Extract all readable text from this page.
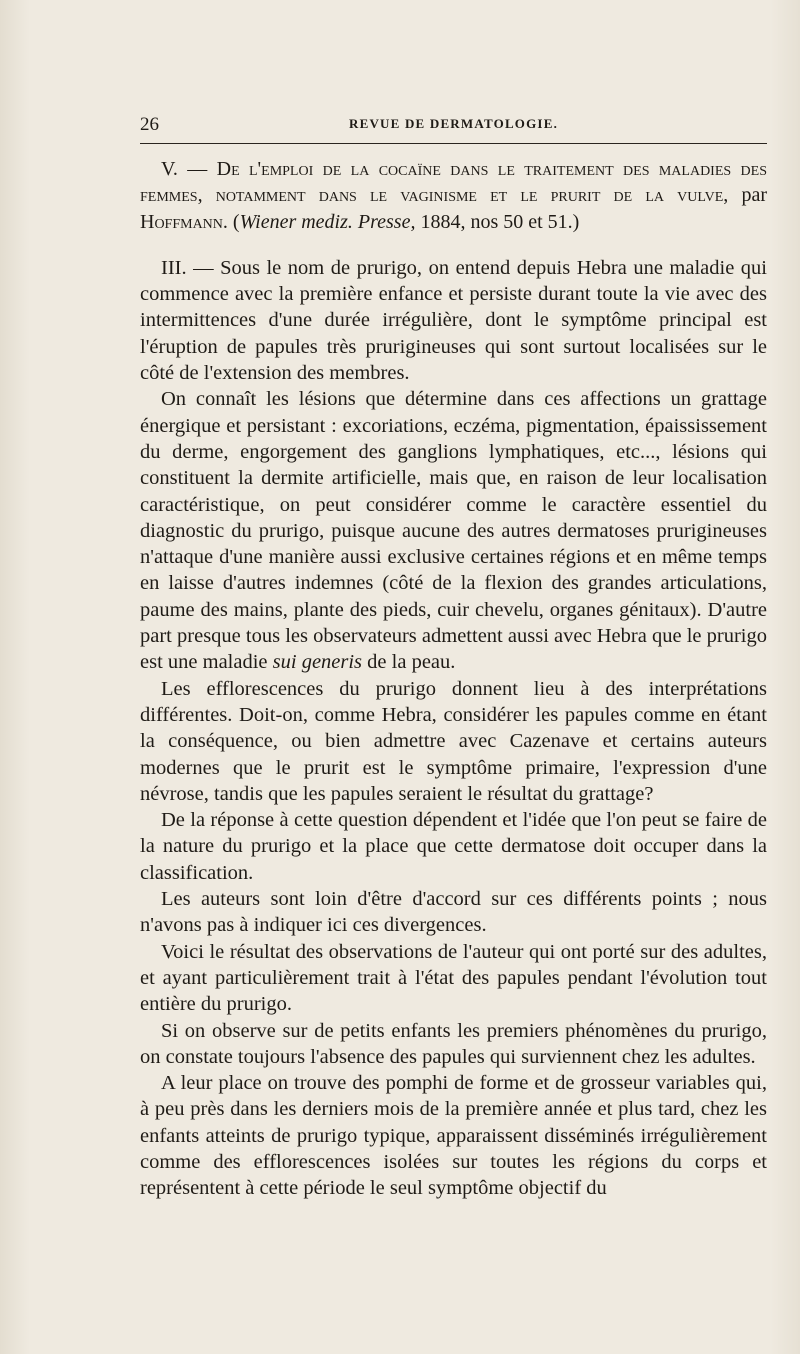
26	REVUE DE DERMATOLOGIE.
V. — De l'emploi de la cocaïne dans le traitement des maladies des femmes, notamment dans le vaginisme et le prurit de la vulve, par Hoffmann. (Wiener mediz. Presse, 1884, nos 50 et 51.)

III. — Sous le nom de prurigo, on entend depuis Hebra une maladie qui commence avec la première enfance et persiste durant toute la vie avec des intermittences d'une durée irrégulière, dont le symptôme principal est l'éruption de papules très prurigineuses qui sont surtout localisées sur le côté de l'extension des membres.

On connaît les lésions que détermine dans ces affections un grattage énergique et persistant : excoriations, eczéma, pigmentation, épaississement du derme, engorgement des ganglions lymphatiques, etc..., lésions qui constituent la dermite artificielle, mais que, en raison de leur localisation caractéristique, on peut considérer comme le caractère essentiel du diagnostic du prurigo, puisque aucune des autres dermatoses prurigineuses n'attaque d'une manière aussi exclusive certaines régions et en même temps en laisse d'autres indemnes (côté de la flexion des grandes articulations, paume des mains, plante des pieds, cuir chevelu, organes génitaux). D'autre part presque tous les observateurs admettent aussi avec Hebra que le prurigo est une maladie sui generis de la peau.

Les efflorescences du prurigo donnent lieu à des interprétations différentes. Doit-on, comme Hebra, considérer les papules comme en étant la conséquence, ou bien admettre avec Cazenave et certains auteurs modernes que le prurit est le symptôme primaire, l'expression d'une névrose, tandis que les papules seraient le résultat du grattage?

De la réponse à cette question dépendent et l'idée que l'on peut se faire de la nature du prurigo et la place que cette dermatose doit occuper dans la classification.

Les auteurs sont loin d'être d'accord sur ces différents points ; nous n'avons pas à indiquer ici ces divergences.

Voici le résultat des observations de l'auteur qui ont porté sur des adultes, et ayant particulièrement trait à l'état des papules pendant l'évolution tout entière du prurigo.

Si on observe sur de petits enfants les premiers phénomènes du prurigo, on constate toujours l'absence des papules qui surviennent chez les adultes.

A leur place on trouve des pomphi de forme et de grosseur variables qui, à peu près dans les derniers mois de la première année et plus tard, chez les enfants atteints de prurigo typique, apparaissent disséminés irrégulièrement comme des efflorescences isolées sur toutes les régions du corps et représentent à cette période le seul symptôme objectif du
